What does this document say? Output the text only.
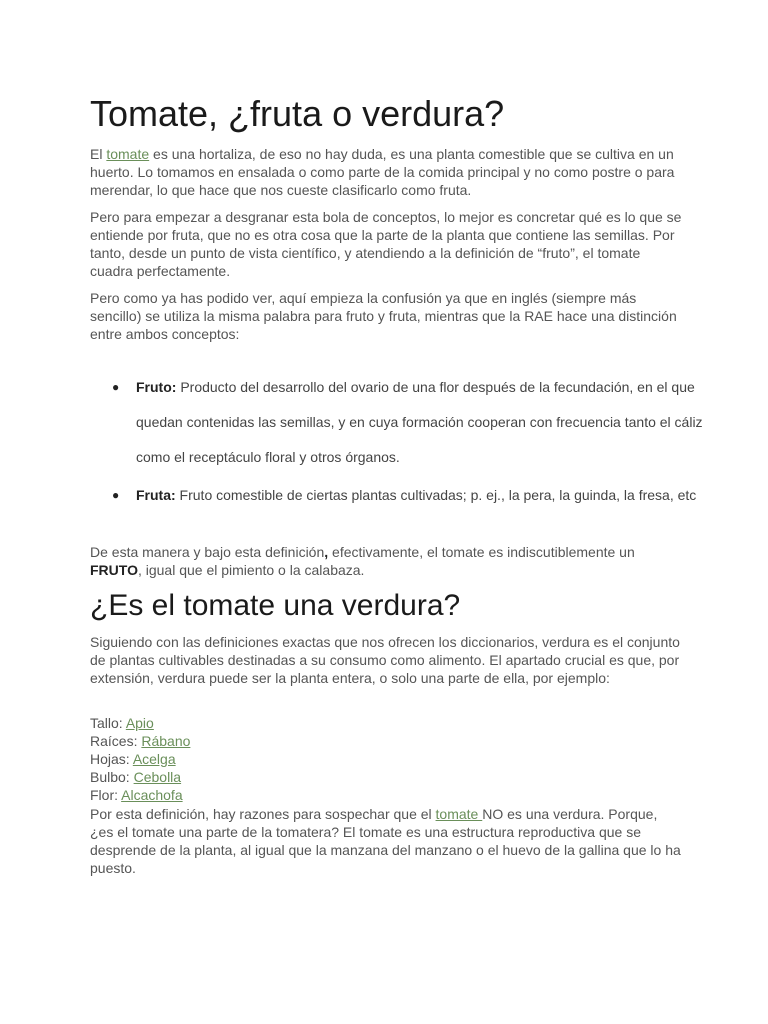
Tomate, ¿fruta o verdura?

El tomate es una hortaliza, de eso no hay duda, es una planta comestible que se cultiva en un huerto. Lo tomamos en ensalada o como parte de la comida principal y no como postre o para merendar, lo que hace que nos cueste clasificarlo como fruta.

Pero para empezar a desgranar esta bola de conceptos, lo mejor es concretar qué es lo que se entiende por fruta, que no es otra cosa que la parte de la planta que contiene las semillas. Por tanto, desde un punto de vista científico, y atendiendo a la definición de “fruto”, el tomate cuadra perfectamente.

Pero como ya has podido ver, aquí empieza la confusión ya que en inglés (siempre más sencillo) se utiliza la misma palabra para fruto y fruta, mientras que la RAE hace una distinción entre ambos conceptos:

● Fruto: Producto del desarrollo del ovario de una flor después de la fecundación, en el que quedan contenidas las semillas, y en cuya formación cooperan con frecuencia tanto el cáliz como el receptáculo floral y otros órganos.
● Fruta: Fruto comestible de ciertas plantas cultivadas; p. ej., la pera, la guinda, la fresa, etc

De esta manera y bajo esta definición, efectivamente, el tomate es indiscutiblemente un FRUTO, igual que el pimiento o la calabaza.

¿Es el tomate una verdura?

Siguiendo con las definiciones exactas que nos ofrecen los diccionarios, verdura es el conjunto de plantas cultivables destinadas a su consumo como alimento. El apartado crucial es que, por extensión, verdura puede ser la planta entera, o solo una parte de ella, por ejemplo:

Tallo: Apio
Raíces: Rábano
Hojas: Acelga
Bulbo: Cebolla
Flor: Alcachofa

Por esta definición, hay razones para sospechar que el tomate NO es una verdura. Porque, ¿es el tomate una parte de la tomatera? El tomate es una estructura reproductiva que se desprende de la planta, al igual que la manzana del manzano o el huevo de la gallina que lo ha puesto.
